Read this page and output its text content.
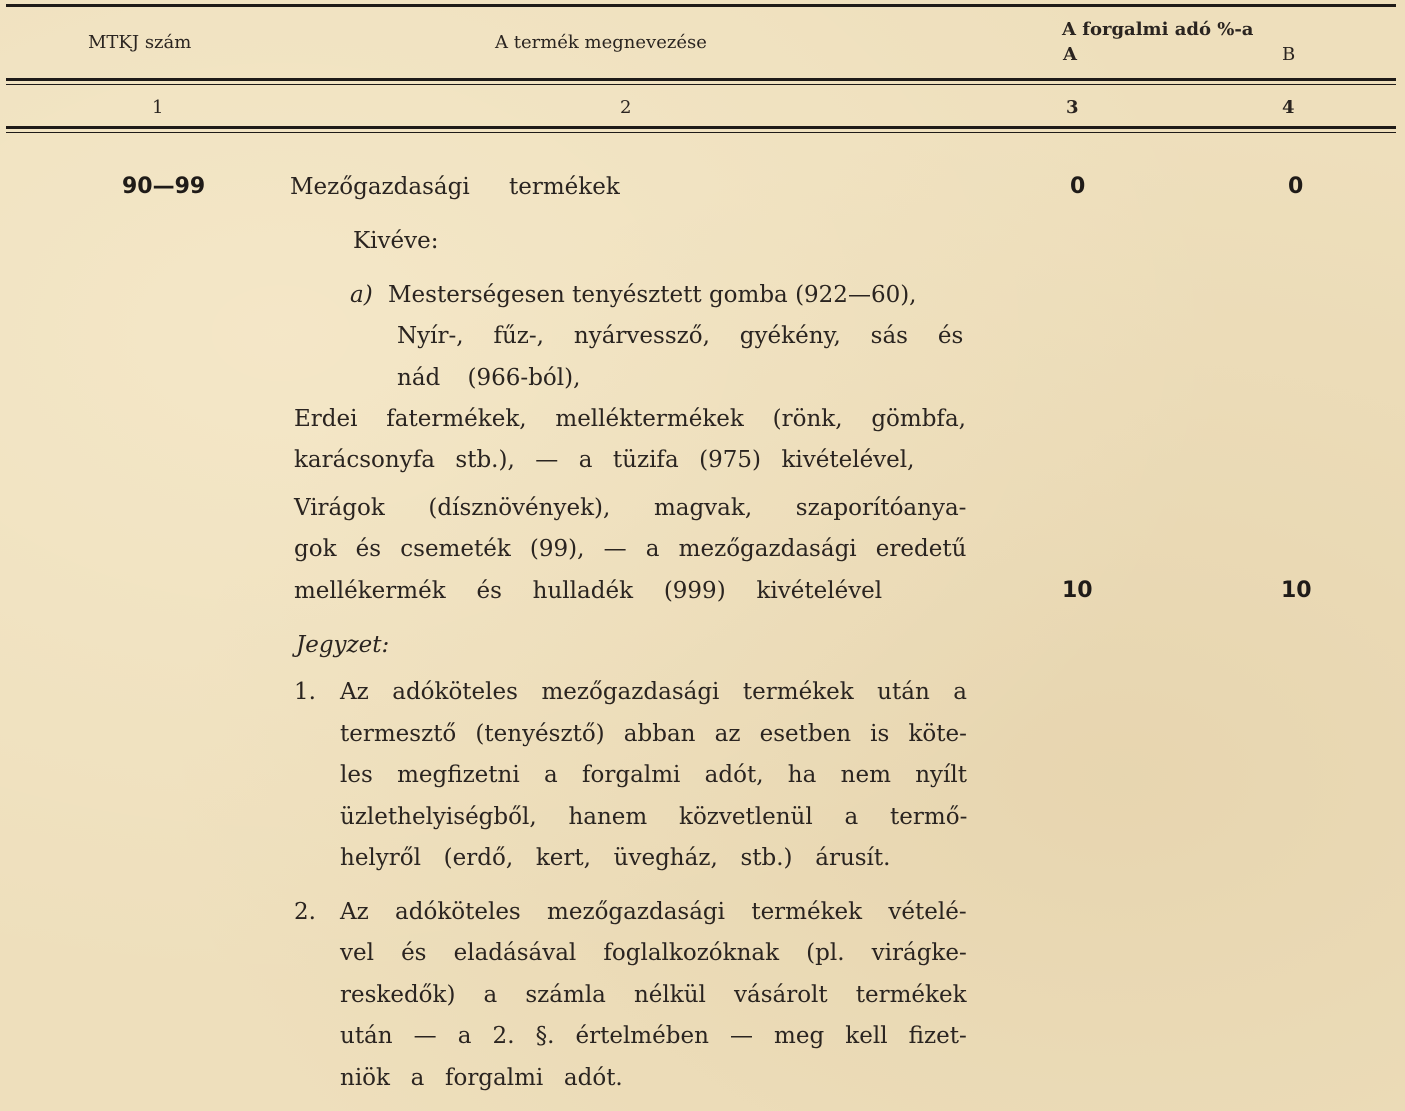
MTKJ szám	A termék megnevezése
A forgalmi adó %-a
A	B
1	2	3	4
90—99	Mezőgazdasági termékek	0	0
Kivéve:
a) Mesterségesen tenyésztett gomba (922—60),
Nyír-, fűz-, nyárvessző, gyékény, sás és
nád (966-ból),
Erdei fatermékek, melléktermékek (rönk, gömbfa,
karácsonyfa stb.), — a tüzifa (975) kivételével,
Virágok (dísznövények), magvak, szaporítóanya-
gok és csemeték (99), — a mezőgazdasági eredetű
mellékermék és hulladék (999) kivételével	10	10
Jegyzet:
1. Az adóköteles mezőgazdasági termékek után a
termesztő (tenyésztő) abban az esetben is köte-
les megfizetni a forgalmi adót, ha nem nyílt
üzlethelyiségből, hanem közvetlenül a termő-
helyről (erdő, kert, üvegház, stb.) árusít.
2. Az adóköteles mezőgazdasági termékek vételé-
vel és eladásával foglalkozóknak (pl. virágke-
reskedők) a számla nélkül vásárolt termékek
után — a 2. §. értelmében — meg kell fizet-
niök a forgalmi adót.
